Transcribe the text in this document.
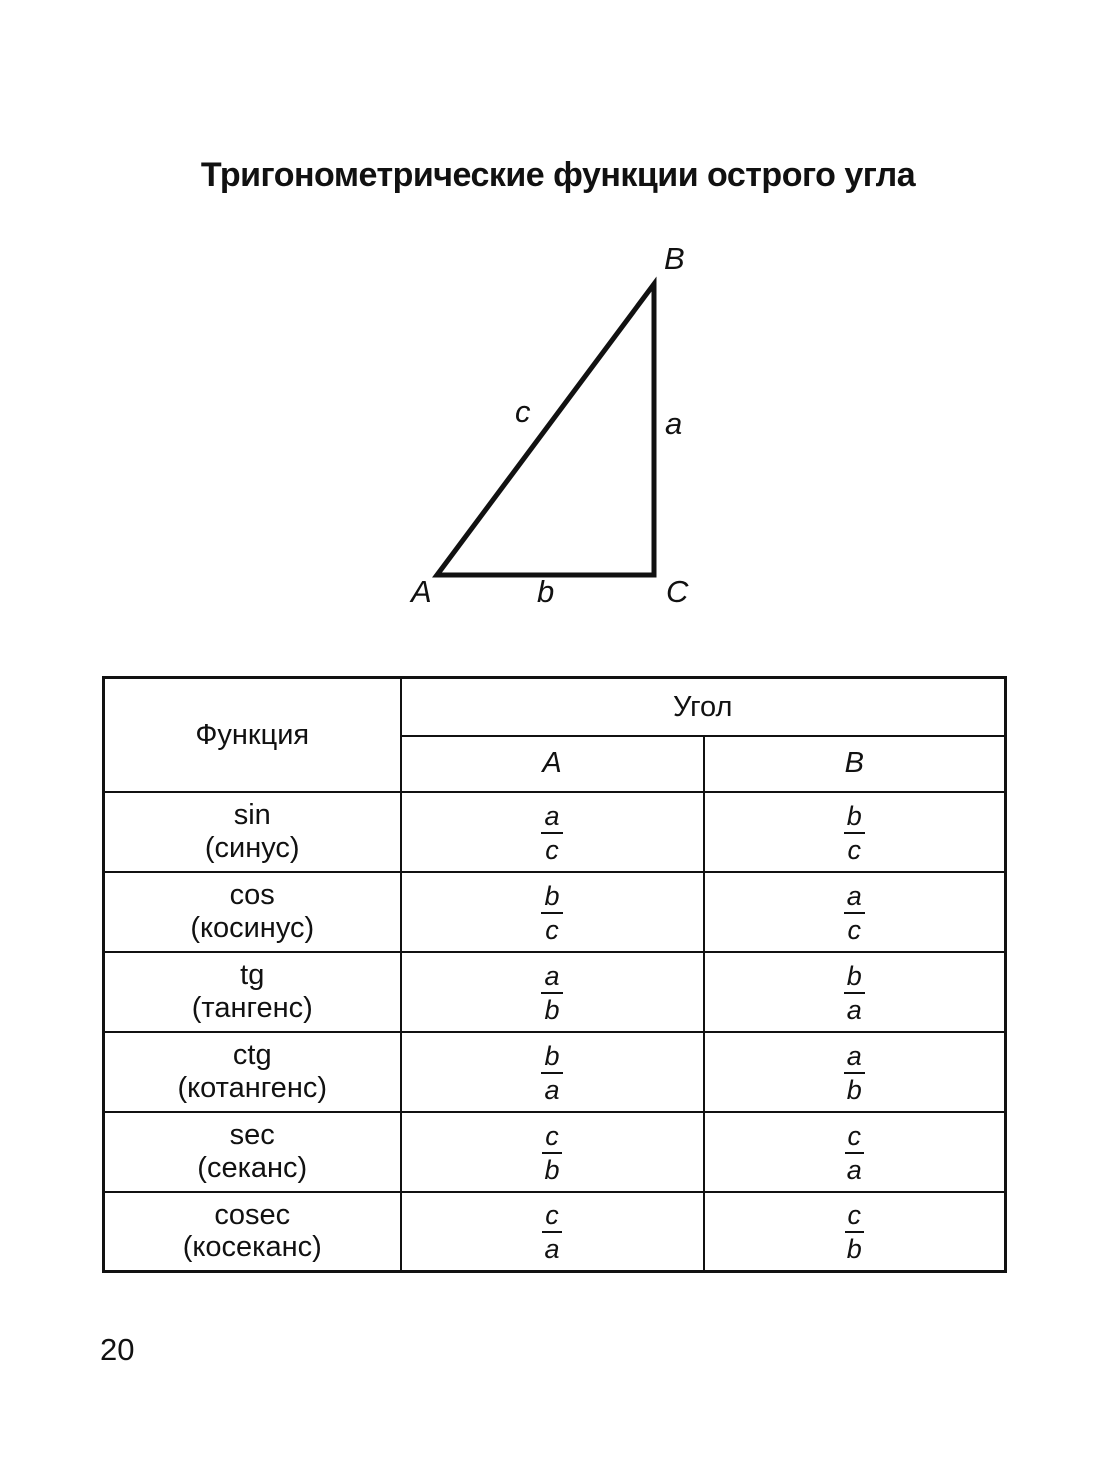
Тригонометрические функции острого угла
B
A	C
c	a
b
Функция	Угол	
	A	B

sin
(синус)	$\frac{a}{c}$	$\frac{b}{c}$

cos
(косинус)	$\frac{b}{c}$	$\frac{a}{c}$

tg
(тангенс)	$\frac{a}{b}$	$\frac{b}{a}$

ctg
(котангенс)	$\frac{b}{a}$	$\frac{a}{b}$

sec
(секанс)	$\frac{c}{b}$	$\frac{c}{a}$

cosec
(косеканс)	$\frac{c}{a}$	$\frac{c}{b}$
20
